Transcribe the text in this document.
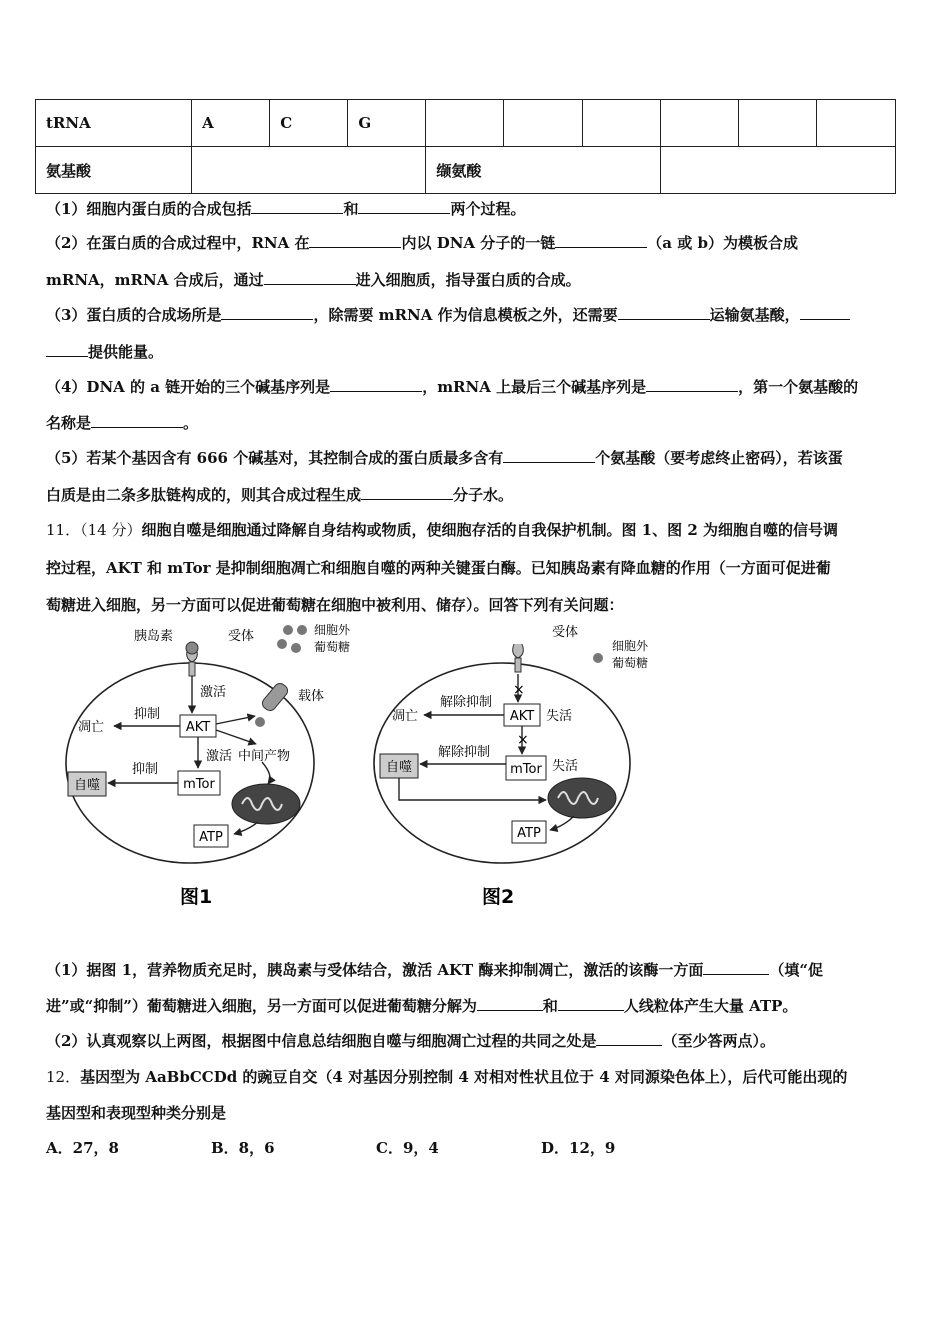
tRNA	A	C	G						
氨基酸				缬氨酸					
（1）细胞内蛋白质的合成包括	和	两个过程。
（2）在蛋白质的合成过程中，RNA 在	内以 DNA 分子的一链	（a 或 b）为模板合成
mRNA，mRNA 合成后，通过	进入细胞质，指导蛋白质的合成。
（3）蛋白质的合成场所是	，除需要 mRNA 作为信息模板之外，还需要	运输氨基酸，
提供能量。
（4）DNA 的 a 链开始的三个碱基序列是	，mRNA 上最后三个碱基序列是	，第一个氨基酸的
名称是	。
（5）若某个基因含有 666 个碱基对，其控制合成的蛋白质最多含有	个氨基酸（要考虑终止密码），若该蛋
白质是由二条多肽链构成的，则其合成过程生成	分子水。
11．（14 分）细胞自噬是细胞通过降解自身结构或物质，使细胞存活的自我保护机制。图 1、图 2 为细胞自噬的信号调
控过程，AKT 和 mTor 是抑制细胞凋亡和细胞自噬的两种关键蛋白酶。已知胰岛素有降血糖的作用（一方面可促进葡
萄糖进入细胞，另一方面可以促进葡萄糖在细胞中被利用、储存）。回答下列有关问题：
胰岛素	受体	细胞外
葡萄糖
载体
激活
AKT
抑制
凋亡
激活 中间产物
mTor
抑制
自噬
ATP
图1
受体
细胞外
葡萄糖
×
AKT 失活
解除抑制
凋亡
×
mTor 失活
解除抑制
自噬
ATP
图2
（1）据图 1，营养物质充足时，胰岛素与受体结合，激活 AKT 酶来抑制凋亡，激活的该酶一方面	（填“促
进”或“抑制”）葡萄糖进入细胞，另一方面可以促进葡萄糖分解为	和	人线粒体产生大量 ATP。
（2）认真观察以上两图，根据图中信息总结细胞自噬与细胞凋亡过程的共同之处是	（至少答两点）。
12．基因型为 AaBbCCDd 的豌豆自交（4 对基因分别控制 4 对相对性状且位于 4 对同源染色体上），后代可能出现的
基因型和表现型种类分别是
A．27，8	B．8，6	C．9，4	D．12，9
